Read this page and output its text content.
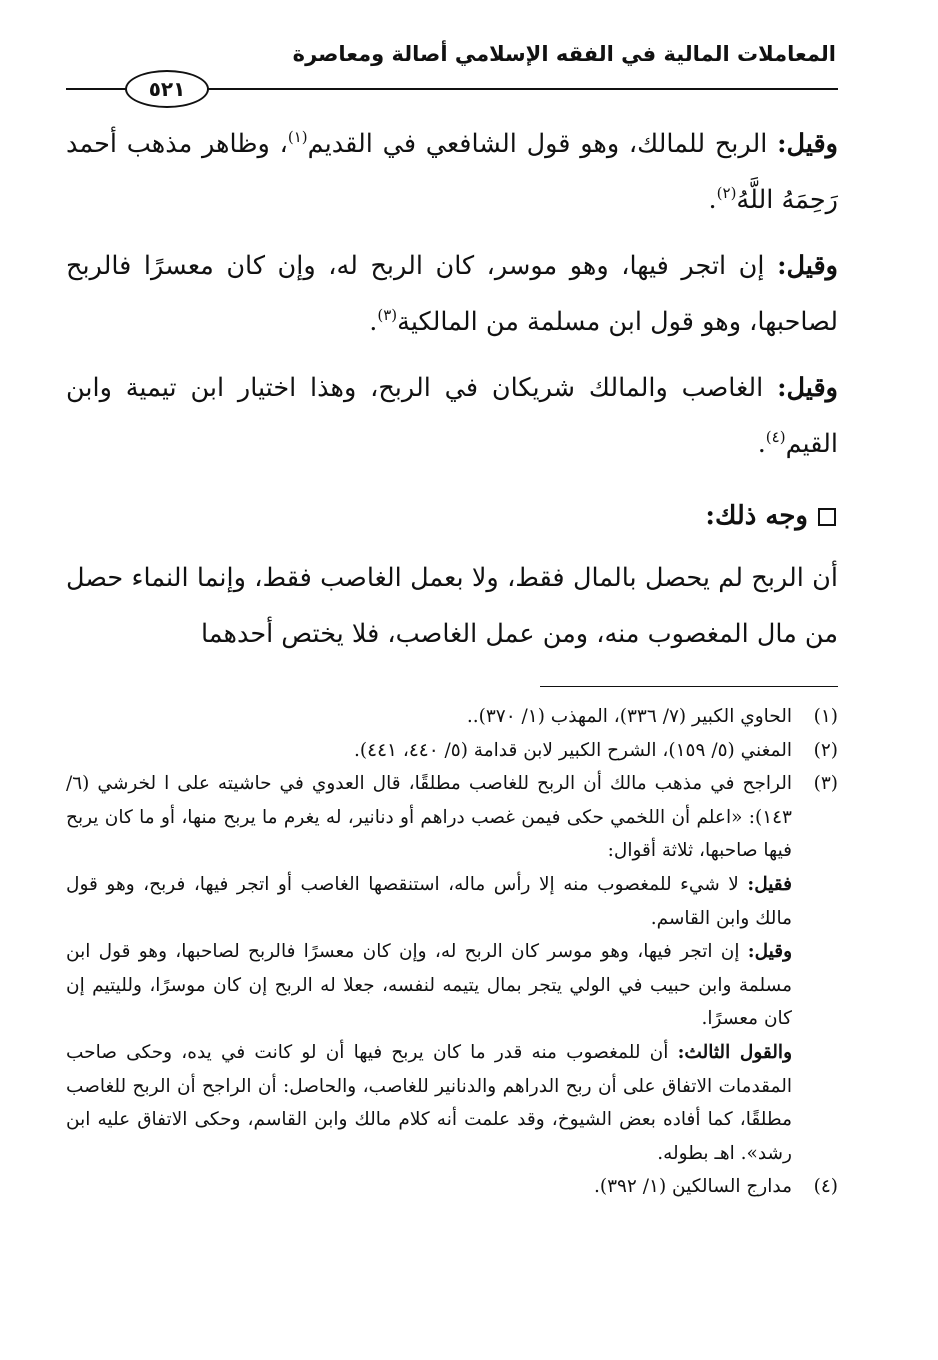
المعاملات المالية في الفقه الإسلامي أصالة ومعاصرة
٥٢١

وقيل: الربح للمالك، وهو قول الشافعي في القديم$^{(١)}$، وظاهر مذهب أحمد رَحِمَهُ اللَّهُ$^{(٢)}$.

وقيل: إن اتجر فيها، وهو موسر، كان الربح له، وإن كان معسرًا فالربح لصاحبها، وهو قول ابن مسلمة من المالكية$^{(٣)}$.

وقيل: الغاصب والمالك شريكان في الربح، وهذا اختيار ابن تيمية وابن القيم$^{(٤)}$.

وجه ذلك:

أن الربح لم يحصل بالمال فقط، ولا بعمل الغاصب فقط، وإنما النماء حصل من مال المغصوب منه، ومن عمل الغاصب، فلا يختص أحدهما

(١)
الحاوي الكبير (٧/ ٣٣٦)، المهذب (١/ ٣٧٠)..
(٢)
المغني (٥/ ١٥٩)، الشرح الكبير لابن قدامة (٥/ ٤٤٠، ٤٤١).
(٣)
الراجح في مذهب مالك أن الربح للغاصب مطلقًا، قال العدوي في حاشيته على ا لخرشي (٦/ ١٤٣): «اعلم أن اللخمي حكى فيمن غصب دراهم أو دنانير، له يغرم ما يربح منها، أو ما كان يربح فيها صاحبها، ثلاثة أقوال:
فقيل: لا شيء للمغصوب منه إلا رأس ماله، استنقصها الغاصب أو اتجر فيها، فربح، وهو قول مالك وابن القاسم.
وقيل: إن اتجر فيها، وهو موسر كان الربح له، وإن كان معسرًا فالربح لصاحبها، وهو قول ابن مسلمة وابن حبيب في الولي يتجر بمال يتيمه لنفسه، جعلا له الربح إن كان موسرًا، ولليتيم إن كان معسرًا.
والقول الثالث: أن للمغصوب منه قدر ما كان يربح فيها أن لو كانت في يده، وحكى صاحب المقدمات الاتفاق على أن ربح الدراهم والدنانير للغاصب، والحاصل: أن الراجح أن الربح للغاصب مطلقًا، كما أفاده بعض الشيوخ، وقد علمت أنه كلام مالك وابن القاسم، وحكى الاتفاق عليه ابن رشد». اهـ بطوله.
(٤)
مدارج السالكين (١/ ٣٩٢).
